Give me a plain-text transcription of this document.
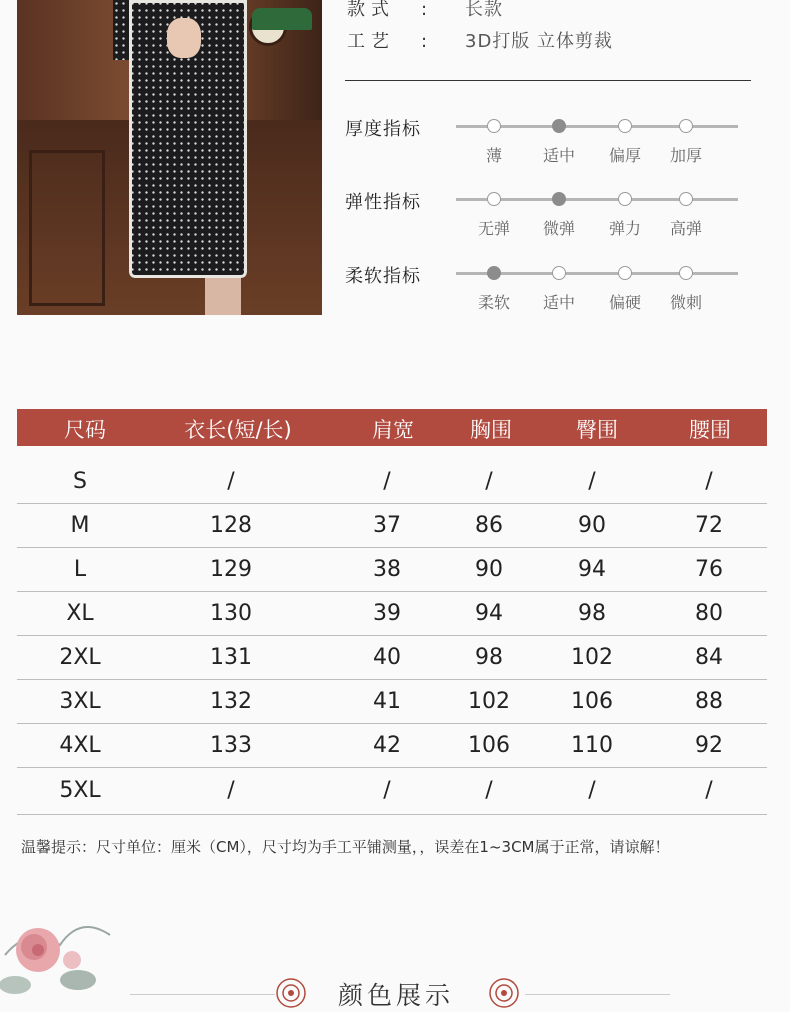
款式 : 长款
工艺 : 3D打版 立体剪裁
厚度指标
薄	适中	偏厚	加厚
弹性指标
无弹	微弹	弹力	高弹
柔软指标
柔软	适中	偏硬	微刺
尺码	衣长(短/长)	肩宽	胸围	臀围	腰围
S	/	/	/	/	/
M	128	37	86	90	72
L	129	38	90	94	76
XL	130	39	94	98	80
2XL	131	40	98	102	84
3XL	132	41	102	106	88
4XL	133	42	106	110	92
5XL	/	/	/	/	/
温馨提示：尺寸单位：厘米（CM），尺寸均为手工平铺测量，，误差在1~3CM属于正常，请谅解！
颜色展示
